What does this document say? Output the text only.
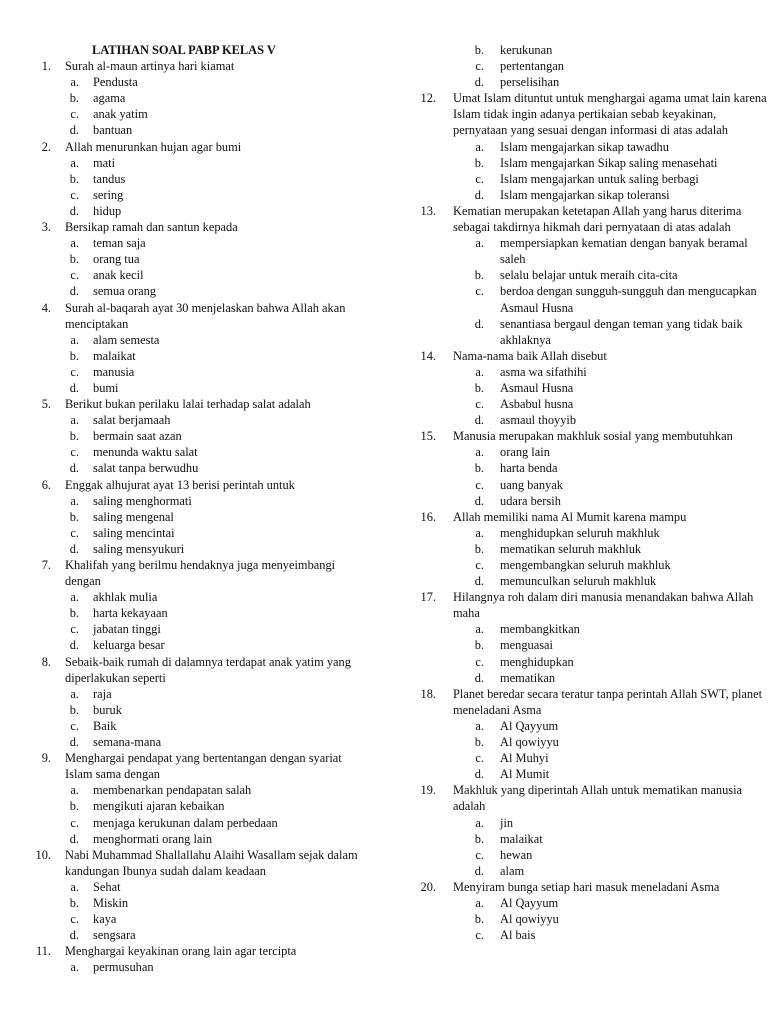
LATIHAN SOAL PABP KELAS V
1.	Surah al-maun artinya hari kiamat
a.	Pendusta
b.	agama
c.	anak yatim
d.	bantuan
2.	Allah menurunkan hujan agar bumi
a.	mati
b.	tandus
c.	sering
d.	hidup
3.	Bersikap ramah dan santun kepada
a.	teman saja
b.	orang tua
c.	anak kecil
d.	semua orang
4.	Surah al-baqarah ayat 30 menjelaskan bahwa Allah akan menciptakan
a.	alam semesta
b.	malaikat
c.	manusia
d.	bumi
5.	Berikut bukan perilaku lalai terhadap salat adalah
a.	salat berjamaah
b.	bermain saat azan
c.	menunda waktu salat
d.	salat tanpa berwudhu
6.	Enggak alhujurat ayat 13 berisi perintah untuk
a.	saling menghormati
b.	saling mengenal
c.	saling mencintai
d.	saling mensyukuri
7.	Khalifah yang berilmu hendaknya juga menyeimbangi dengan
a.	akhlak mulia
b.	harta kekayaan
c.	jabatan tinggi
d.	keluarga besar
8.	Sebaik-baik rumah di dalamnya terdapat anak yatim yang diperlakukan seperti
a.	raja
b.	buruk
c.	Baik
d.	semana-mana
9.	Menghargai pendapat yang bertentangan dengan syariat Islam sama dengan
a.	membenarkan pendapatan salah
b.	mengikuti ajaran kebaikan
c.	menjaga kerukunan dalam perbedaan
d.	menghormati orang lain
10.	Nabi Muhammad Shallallahu Alaihi Wasallam sejak dalam kandungan Ibunya sudah dalam keadaan
a.	Sehat
b.	Miskin
c.	kaya
d.	sengsara
11.	Menghargai keyakinan orang lain agar tercipta
a.	permusuhan
b.	kerukunan
c.	pertentangan
d.	perselisihan
12.	Umat Islam dituntut untuk menghargai agama umat lain karena Islam tidak ingin adanya pertikaian sebab keyakinan, pernyataan yang sesuai dengan informasi di atas adalah
a.	Islam mengajarkan sikap tawadhu
b.	Islam mengajarkan Sikap saling menasehati
c.	Islam mengajarkan untuk saling berbagi
d.	Islam mengajarkan sikap toleransi
13.	Kematian merupakan ketetapan Allah yang harus diterima sebagai takdirnya hikmah dari pernyataan di atas adalah
a.	mempersiapkan kematian dengan banyak beramal saleh
b.	selalu belajar untuk meraih cita-cita
c.	berdoa dengan sungguh-sungguh dan mengucapkan Asmaul Husna
d.	senantiasa bergaul dengan teman yang tidak baik akhlaknya
14.	Nama-nama baik Allah disebut
a.	asma wa sifathihi
b.	Asmaul Husna
c.	Asbabul husna
d.	asmaul thoyyib
15.	Manusia merupakan makhluk sosial yang membutuhkan
a.	orang lain
b.	harta benda
c.	uang banyak
d.	udara bersih
16.	Allah memiliki nama Al Mumit karena mampu
a.	menghidupkan seluruh makhluk
b.	mematikan seluruh makhluk
c.	mengembangkan seluruh makhluk
d.	memunculkan seluruh makhluk
17.	Hilangnya roh dalam diri manusia menandakan bahwa Allah maha
a.	membangkitkan
b.	menguasai
c.	menghidupkan
d.	mematikan
18.	Planet beredar secara teratur tanpa perintah Allah SWT, planet meneladani Asma
a.	Al Qayyum
b.	Al qowiyyu
c.	Al Muhyi
d.	Al Mumit
19.	Makhluk yang diperintah Allah untuk mematikan manusia adalah
a.	jin
b.	malaikat
c.	hewan
d.	alam
20.	Menyiram bunga setiap hari masuk meneladani Asma
a.	Al Qayyum
b.	Al qowiyyu
c.	Al bais
